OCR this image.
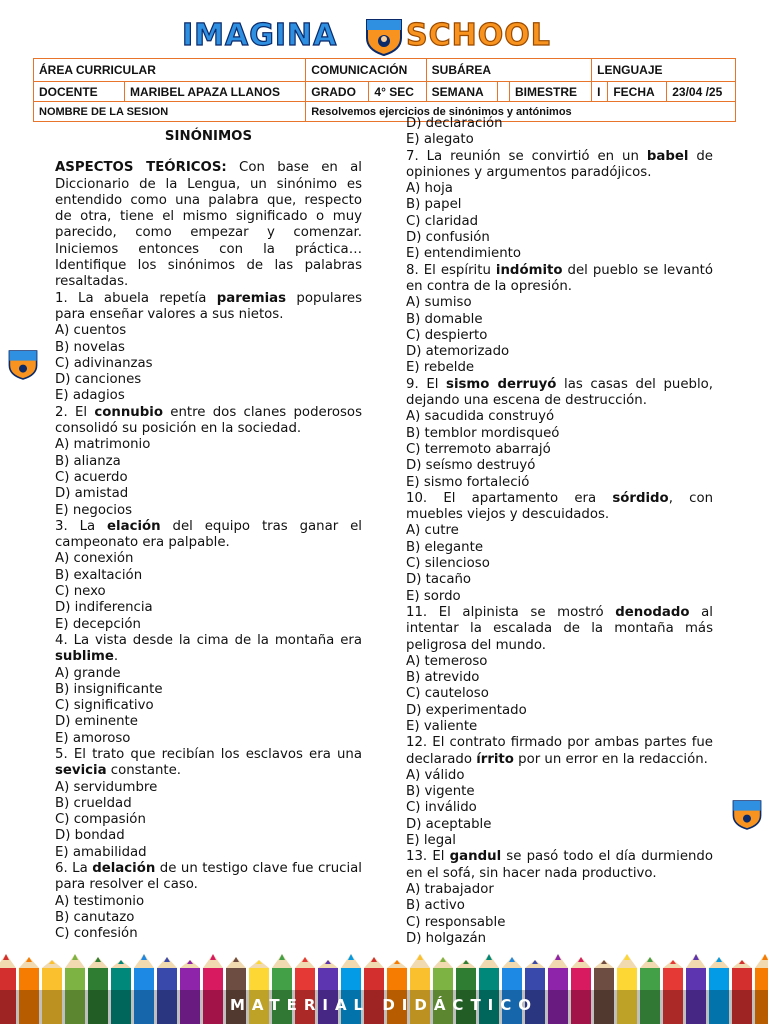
IMAGINA SCHOOL
ÁREA CURRICULAR		COMUNICACIÓN		SUBÁREA			LENGUAJE		
DOCENTE	MARIBEL APAZA LLANOS	GRADO	4° SEC	SEMANA		BIMESTRE	I	FECHA	23/04 /25
NOMBRE DE LA SESION		Resolvemos ejercicios de sinónimos y antónimos							
SINÓNIMOS
ASPECTOS TEÓRICOS: Con base en al Diccionario de la Lengua, un sinónimo es entendido como una palabra que, respecto de otra, tiene el mismo significado o muy parecido, como empezar y comenzar. Iniciemos entonces con la práctica… Identifique los sinónimos de las palabras resaltadas.
1. La abuela repetía paremias populares para enseñar valores a sus nietos.
A) cuentos
B) novelas
C) adivinanzas
D) canciones
E) adagios
2. El connubio entre dos clanes poderosos consolidó su posición en la sociedad.
A) matrimonio
B) alianza
C) acuerdo
D) amistad
E) negocios
3. La elación del equipo tras ganar el campeonato era palpable.
A) conexión
B) exaltación
C) nexo
D) indiferencia
E) decepción
4. La vista desde la cima de la montaña era sublime.
A) grande
B) insignificante
C) significativo
D) eminente
E) amoroso
5. El trato que recibían los esclavos era una sevicia constante.
A) servidumbre
B) crueldad
C) compasión
D) bondad
E) amabilidad
6. La delación de un testigo clave fue crucial para resolver el caso.
A) testimonio
B) canutazo
C) confesión
D) declaración
E) alegato
7. La reunión se convirtió en un babel de opiniones y argumentos paradójicos.
A) hoja
B) papel
C) claridad
D) confusión
E) entendimiento
8. El espíritu indómito del pueblo se levantó en contra de la opresión.
A) sumiso
B) domable
C) despierto
D) atemorizado
E) rebelde
9. El sismo derruyó las casas del pueblo, dejando una escena de destrucción.
A) sacudida construyó
B) temblor mordisqueó
C) terremoto abarrajó
D) seísmo destruyó
E) sismo fortaleció
10. El apartamento era sórdido, con muebles viejos y descuidados.
A) cutre
B) elegante
C) silencioso
D) tacaño
E) sordo
11. El alpinista se mostró denodado al intentar la escalada de la montaña más peligrosa del mundo.
A) temeroso
B) atrevido
C) cauteloso
D) experimentado
E) valiente
12. El contrato firmado por ambas partes fue declarado írrito por un error en la redacción.
A) válido
B) vigente
C) inválido
D) aceptable
E) legal
13. El gandul se pasó todo el día durmiendo en el sofá, sin hacer nada productivo.
A) trabajador
B) activo
C) responsable
D) holgazán
MATERIAL DIDÁCTICO
